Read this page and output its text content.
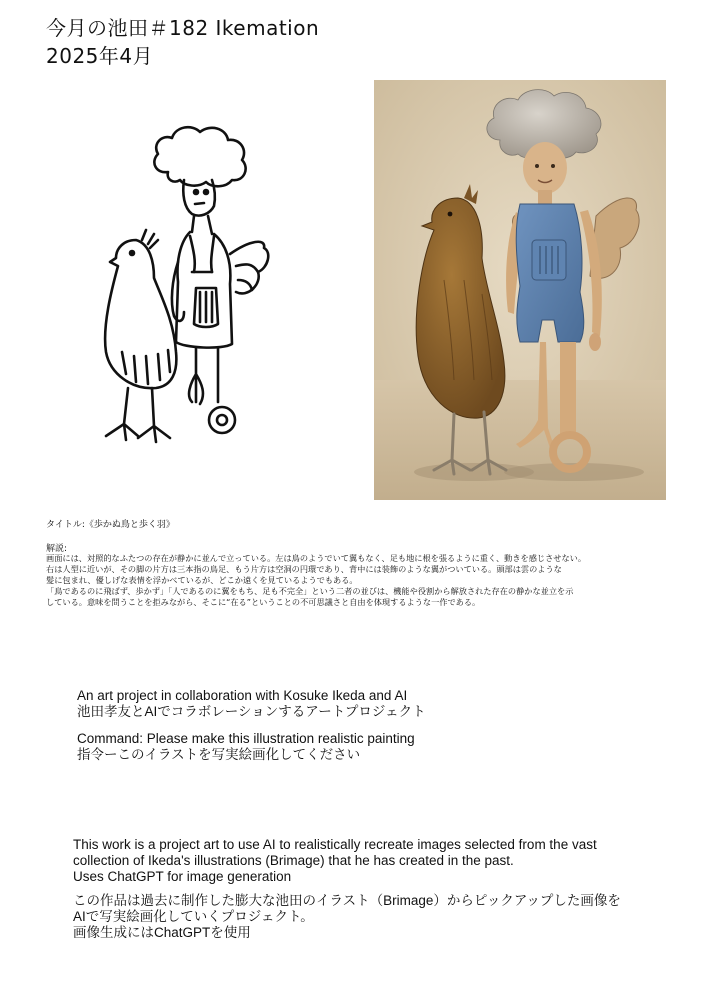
今月の池田＃182 Ikemation
2025年4月
タイトル:《歩かぬ鳥と歩く羽》
解説:

画面には、対照的なふたつの存在が静かに並んで立っている。左は鳥のようでいて翼もなく、足も地に根を張るように重く、動きを感じさせない。

右は人型に近いが、その脚の片方は三本指の鳥足、もう片方は空洞の円環であり、背中には装飾のような翼がついている。頭部は雲のような

髪に包まれ、優しげな表情を浮かべているが、どこか遠くを見ているようでもある。

「鳥であるのに飛ばず、歩かず」「人であるのに翼をもち、足も不完全」という二者の並びは、機能や役割から解放された存在の静かな並立を示

している。意味を問うことを拒みながら、そこに“在る”ということの不可思議さと自由を体現するような一作である。

An art project in collaboration with Kosuke Ikeda and AI

池田孝友とAIでコラボレーションするアートプロジェクト

Command: Please make this illustration realistic painting

指令ーこのイラストを写実絵画化してください

This work is a project art to use AI to realistically recreate images selected from the vast

collection of Ikeda's illustrations (Brimage) that he has created in the past.

Uses ChatGPT for image generation

この作品は過去に制作した膨大な池田のイラスト（Brimage）からピックアップした画像を

AIで写実絵画化していくプロジェクト。

画像生成にはChatGPTを使用
